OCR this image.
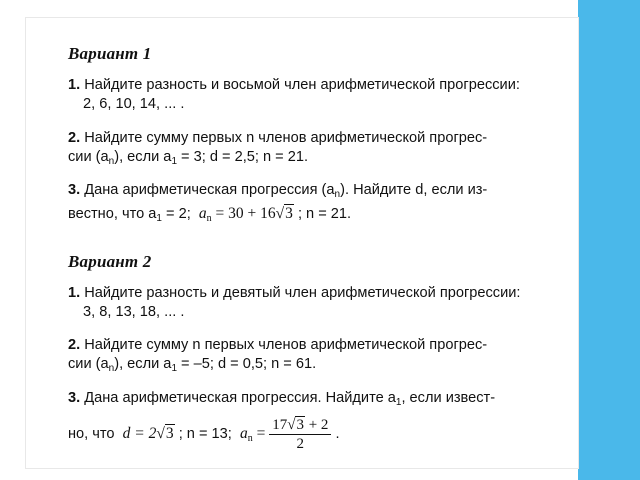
Вариант 1
1. Найдите разность и восьмой член арифметической прогрессии:
2, 6, 10, 14, ... .
2. Найдите сумму первых n членов арифметической прогрес-
сии $(a_n)$, если $a_1 = 3$; d = 2,5; n = 21.
3. Дана арифметическая прогрессия $(a_n)$. Найдите d, если из-
вестно, что $a_1 = 2$; $a_n = 30 + 16√3$ ; n = 21.
Вариант 2
1. Найдите разность и девятый член арифметической прогрессии:
3, 8, 13, 18, ... .
2. Найдите сумму n первых членов арифметической прогрес-
сии $(a_n)$, если $a_1 = -5$; d = 0,5; n = 61.
3. Дана арифметическая прогрессия. Найдите $a_1$, если извест-
но, что d = 2√3 ; n = 13; $a_n = \frac{17√3 + 2}{2}$ .
